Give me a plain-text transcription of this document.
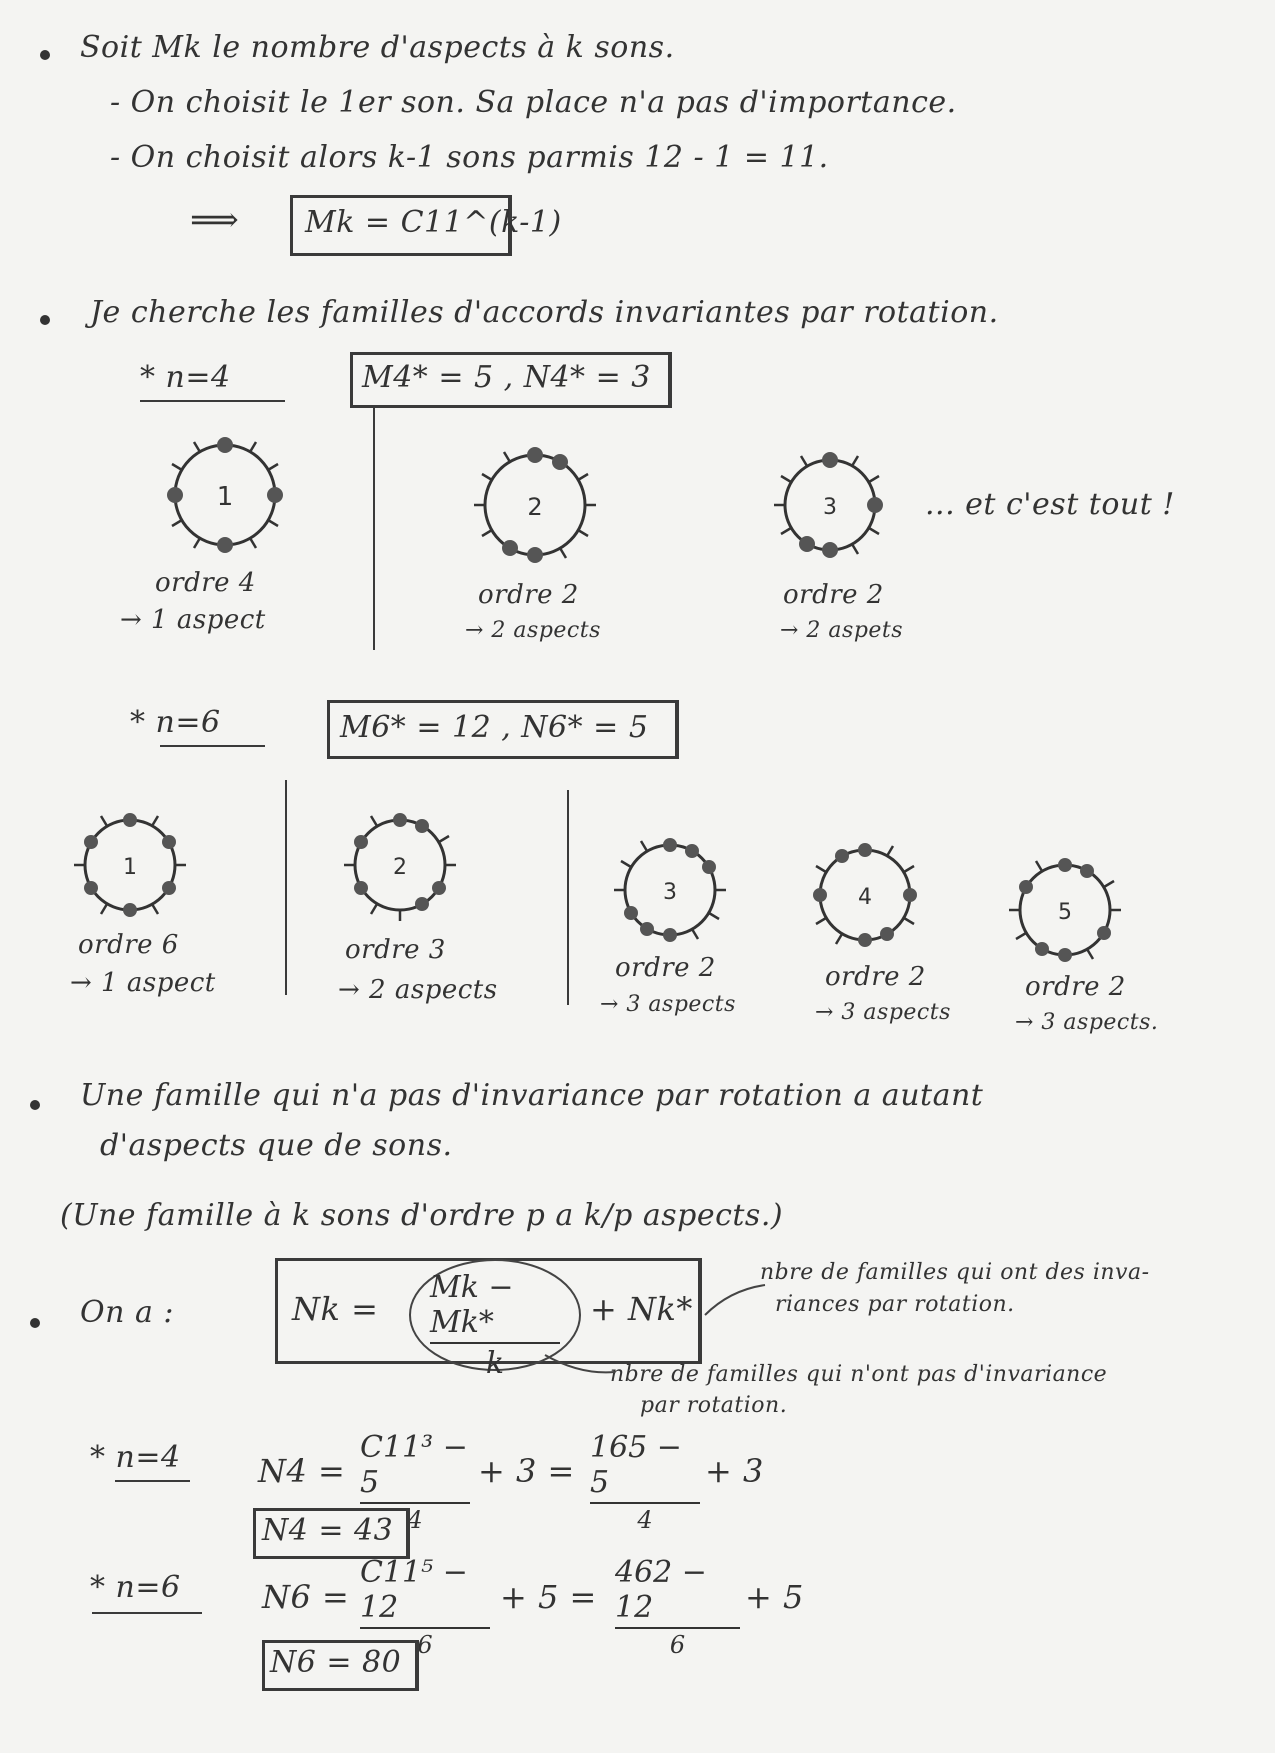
Soit Mk le nombre d'aspects à k sons.
- On choisit le 1er son. Sa place n'a pas d'importance.
- On choisit alors k-1 sons parmis 12 - 1 = 11.
⟹ Mk = C11^(k-1)
Je cherche les familles d'accords invariantes par rotation.
* n=4	M4* = 5 , N4* = 3
1
ordre 4
→ 1 aspect
2
ordre 2
→ 2 aspects
3	... et c'est tout !
ordre 2
→ 2 aspets
* n=6	M6* = 12 , N6* = 5
1
ordre 6
→ 1 aspect
2
ordre 3
→ 2 aspects
3
ordre 2
→ 3 aspects
4
ordre 2
→ 3 aspects
5
ordre 2
→ 3 aspects.
Une famille qui n'a pas d'invariance par rotation a autant
d'aspects que de sons.
(Une famille à k sons d'ordre p a k/p aspects.)
On a :	Nk =
Mk − Mk*
k
+ Nk*
nbre de familles qui ont des inva-
riances par rotation.
nbre de familles qui n'ont pas d'invariance
par rotation.
* n=4 N4 =
C11³ − 5
4
+ 3 =
165 − 5
4
+ 3
N4 = 43
* n=6	N6 =
C11⁵ − 12
6
+ 5 =
462 − 12
6
+ 5
N6 = 80
